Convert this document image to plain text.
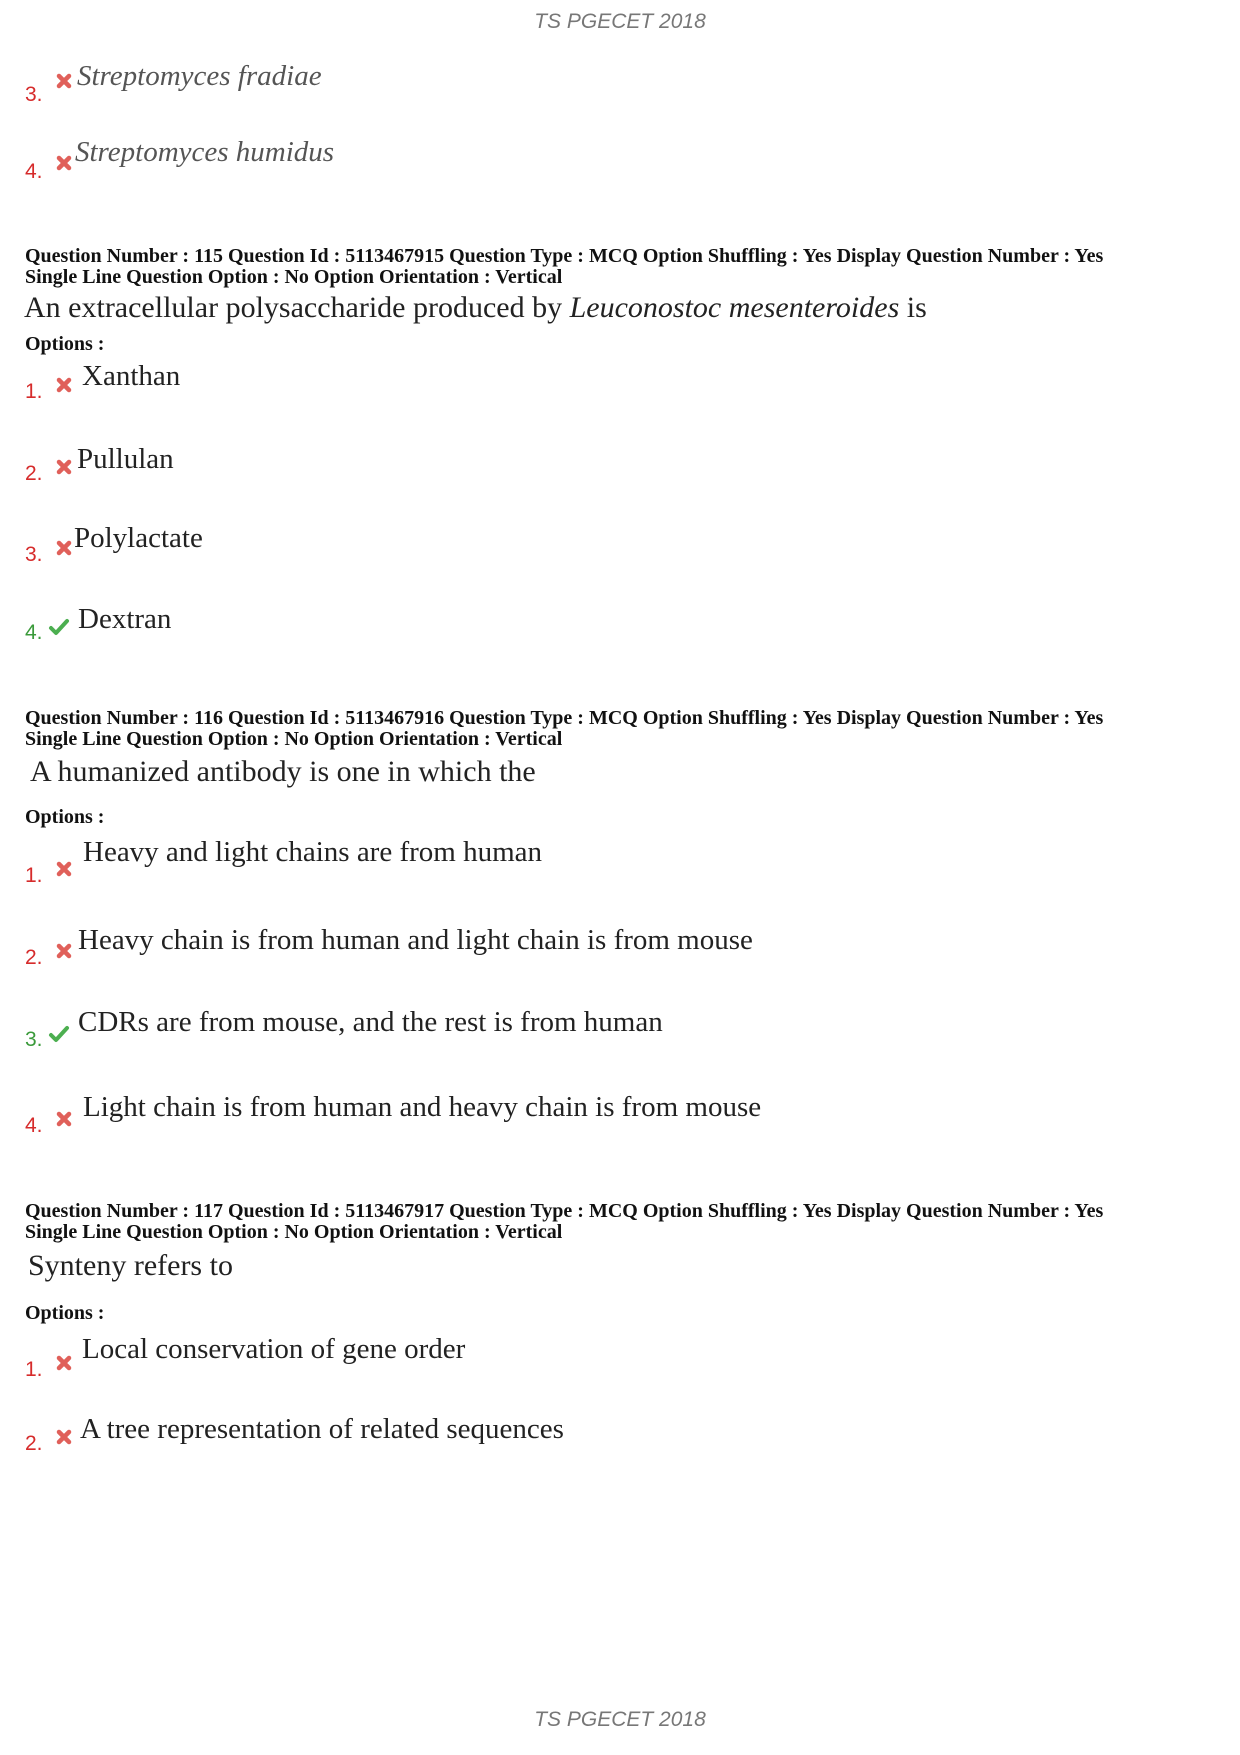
TS PGECET 2018
3.
Streptomyces fradiae
4.
Streptomyces humidus
Question Number : 115 Question Id : 5113467915 Question Type : MCQ Option Shuffling : Yes Display Question Number : Yes
Single Line Question Option : No Option Orientation : Vertical
An extracellular polysaccharide produced by Leuconostoc mesenteroides is
Options :
1. Xanthan
2. Pullulan
3.
Polylactate
4. Dextran
Question Number : 116 Question Id : 5113467916 Question Type : MCQ Option Shuffling : Yes Display Question Number : Yes
Single Line Question Option : No Option Orientation : Vertical
A humanized antibody is one in which the
Options :
1.
Heavy and light chains are from human
2.
Heavy chain is from human and light chain is from mouse
3.
CDRs are from mouse, and the rest is from human
4.
Light chain is from human and heavy chain is from mouse
Question Number : 117 Question Id : 5113467917 Question Type : MCQ Option Shuffling : Yes Display Question Number : Yes
Single Line Question Option : No Option Orientation : Vertical
Synteny refers to
Options :
1.
Local conservation of gene order
2. A tree representation of related sequences
TS PGECET 2018
